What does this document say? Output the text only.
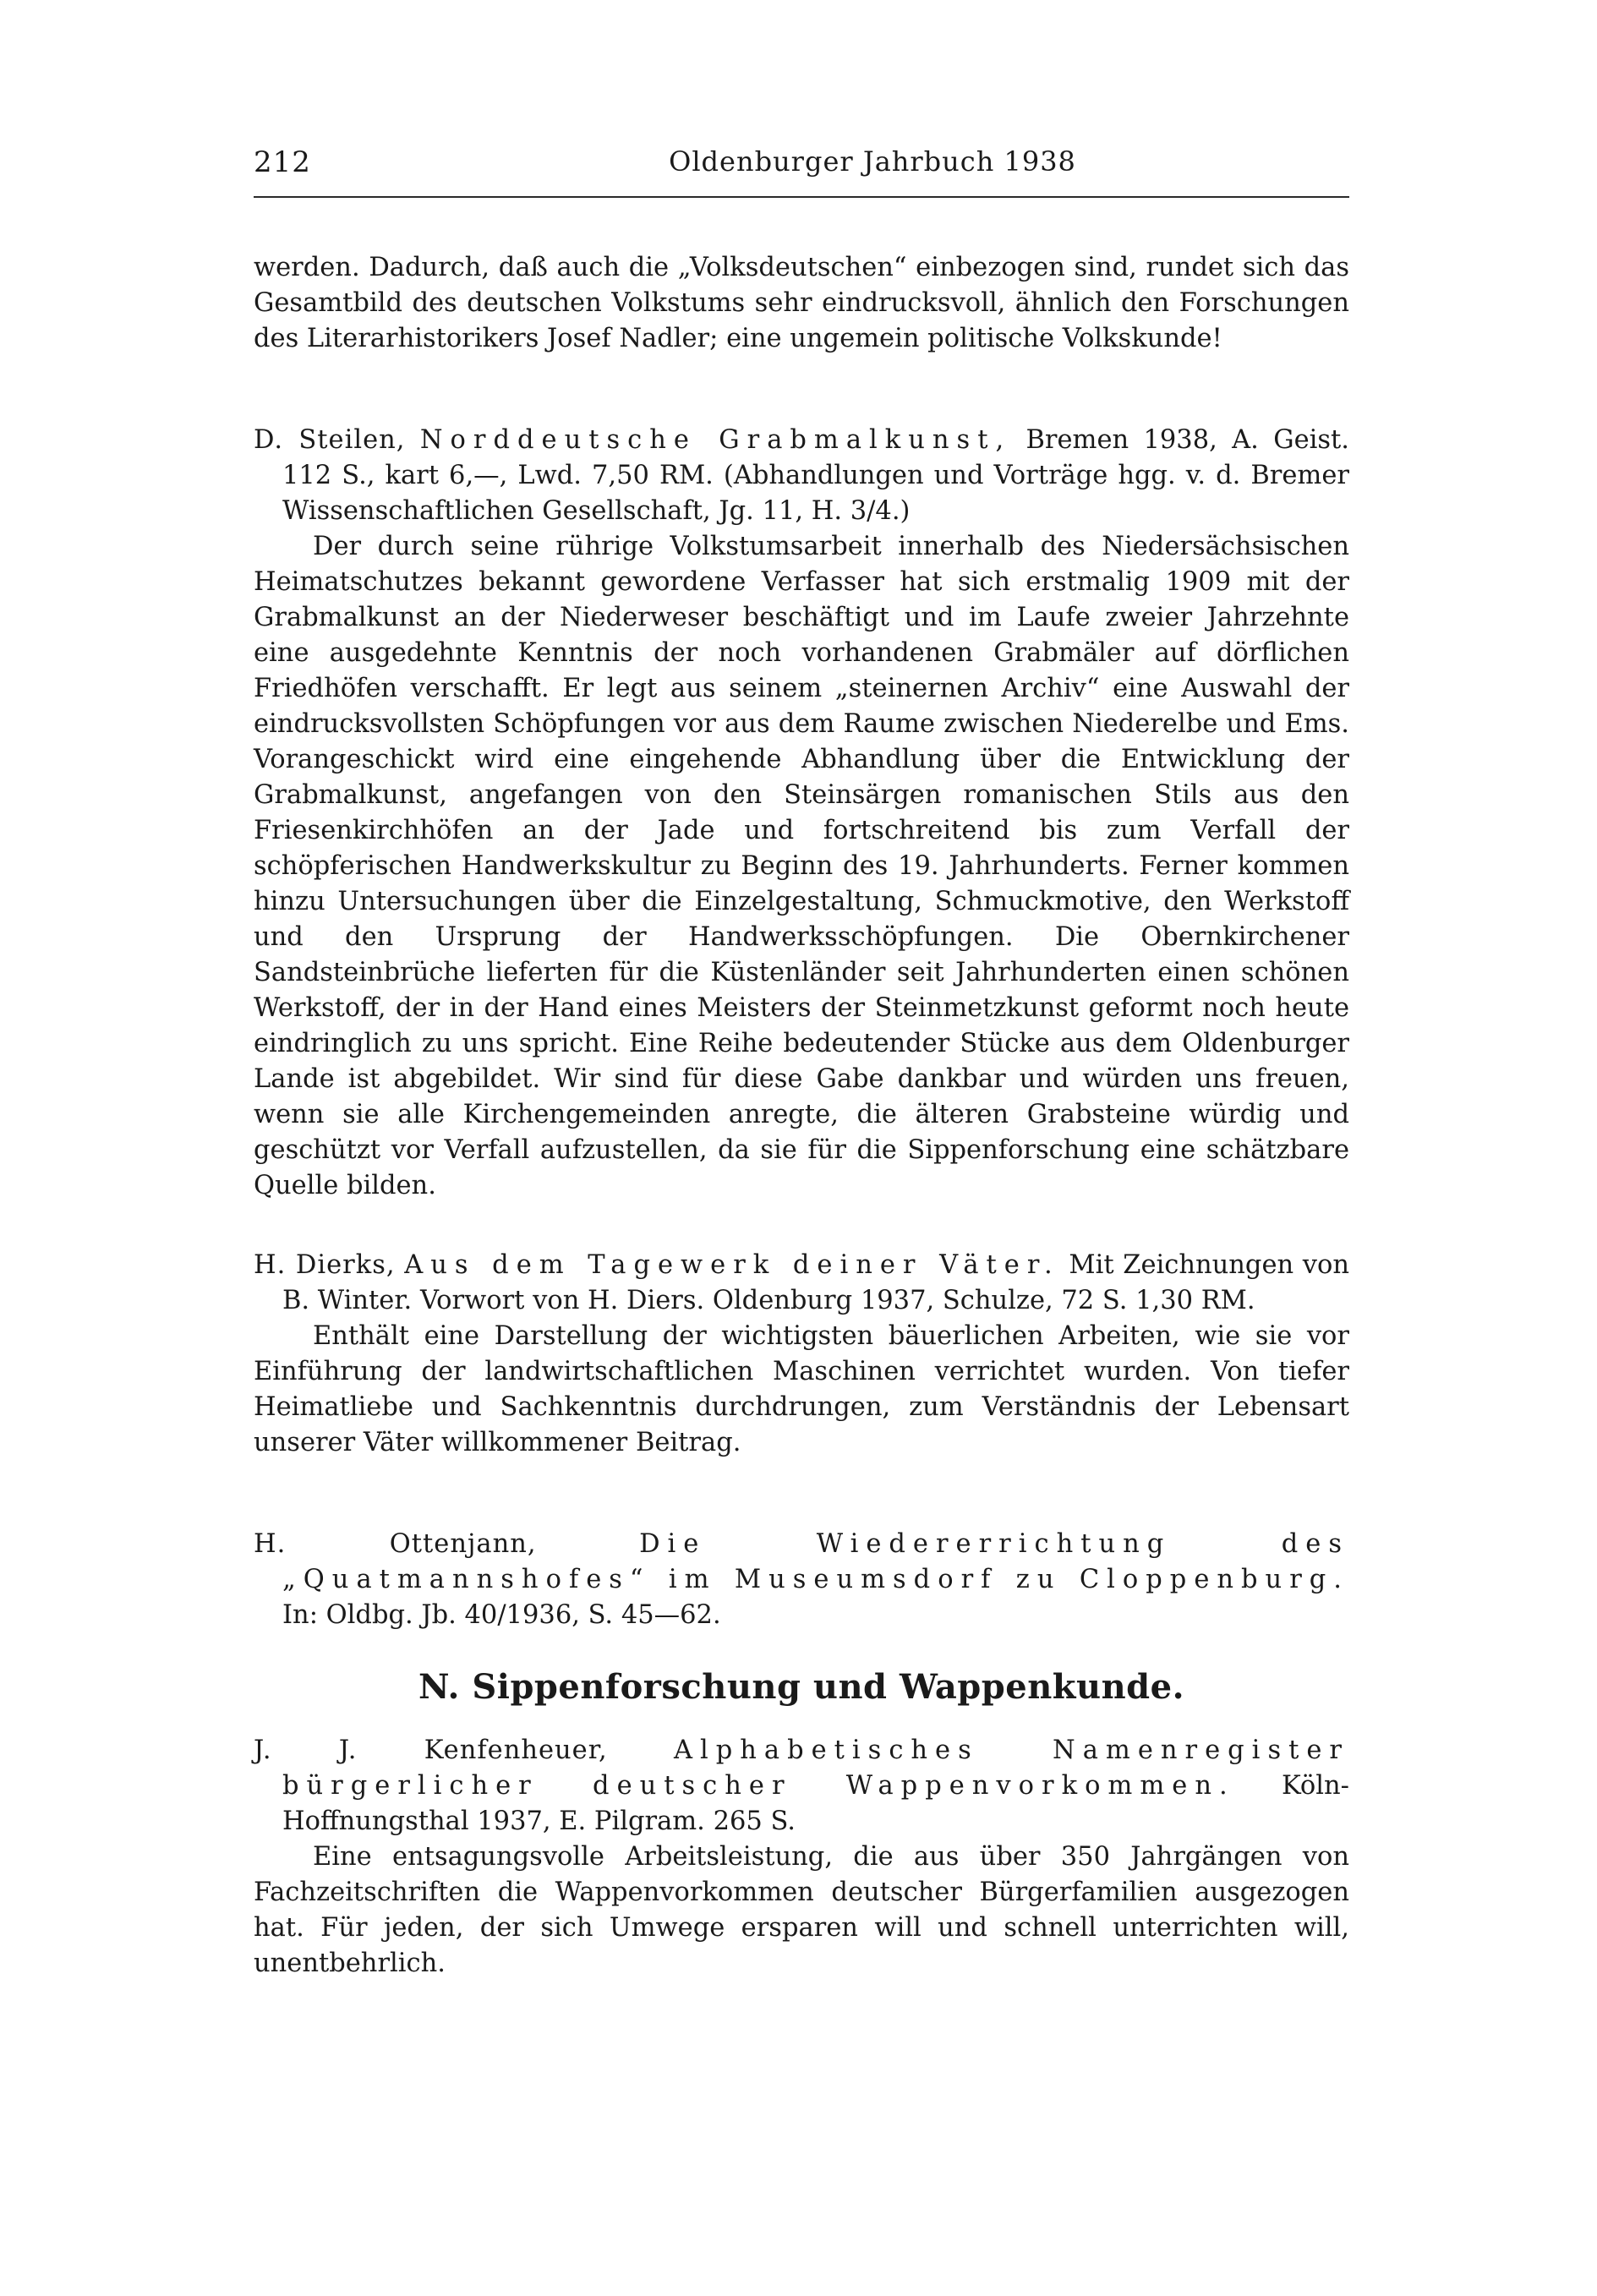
212	Oldenburger Jahrbuch 1938

werden. Dadurch, daß auch die „Volksdeutschen“ einbezogen sind, rundet sich das Gesamtbild des deutschen Volkstums sehr eindrucksvoll, ähnlich den Forschungen des Literarhistorikers Josef Nadler; eine ungemein politische Volkskunde!

D. Steilen, Norddeutsche Grabmalkunst, Bremen 1938, A. Geist. 112 S., kart 6,—, Lwd. 7,50 RM. (Abhandlungen und Vorträge hgg. v. d. Bremer Wissenschaftlichen Gesellschaft, Jg. 11, H. 3/4.)

Der durch seine rührige Volkstumsarbeit innerhalb des Niedersächsischen Heimatschutzes bekannt gewordene Verfasser hat sich erstmalig 1909 mit der Grabmalkunst an der Niederweser beschäftigt und im Laufe zweier Jahrzehnte eine ausgedehnte Kenntnis der noch vorhandenen Grabmäler auf dörflichen Friedhöfen verschafft. Er legt aus seinem „steinernen Archiv“ eine Auswahl der eindrucksvollsten Schöpfungen vor aus dem Raume zwischen Niederelbe und Ems. Vorangeschickt wird eine eingehende Abhandlung über die Entwicklung der Grabmalkunst, angefangen von den Steinsärgen romanischen Stils aus den Friesenkirchhöfen an der Jade und fortschreitend bis zum Verfall der schöpferischen Handwerkskultur zu Beginn des 19. Jahrhunderts. Ferner kommen hinzu Untersuchungen über die Einzelgestaltung, Schmuckmotive, den Werkstoff und den Ursprung der Handwerksschöpfungen. Die Obernkirchener Sandsteinbrüche lieferten für die Küstenländer seit Jahrhunderten einen schönen Werkstoff, der in der Hand eines Meisters der Steinmetzkunst geformt noch heute eindringlich zu uns spricht. Eine Reihe bedeutender Stücke aus dem Oldenburger Lande ist abgebildet. Wir sind für diese Gabe dankbar und würden uns freuen, wenn sie alle Kirchengemeinden anregte, die älteren Grabsteine würdig und geschützt vor Verfall aufzustellen, da sie für die Sippenforschung eine schätzbare Quelle bilden.

H. Dierks, Aus dem Tagewerk deiner Väter. Mit Zeichnungen von B. Winter. Vorwort von H. Diers. Oldenburg 1937, Schulze, 72 S. 1,30 RM.

Enthält eine Darstellung der wichtigsten bäuerlichen Arbeiten, wie sie vor Einführung der landwirtschaftlichen Maschinen verrichtet wurden. Von tiefer Heimatliebe und Sachkenntnis durchdrungen, zum Verständnis der Lebensart unserer Väter willkommener Beitrag.

H. Ottenjann,	Die Wiedererrichtung des „Quatmannshofes“ im Museumsdorf zu Cloppenburg. In: Oldbg. Jb. 40/1936, S. 45—62.

N. Sippenforschung und Wappenkunde.

J. J. Kenfenheuer,	Alphabetisches Namenregister bürgerlicher deutscher Wappenvorkommen. Köln-Hoffnungsthal 1937, E. Pilgram. 265 S.

Eine entsagungsvolle Arbeitsleistung, die aus über 350 Jahrgängen von Fachzeitschriften die Wappenvorkommen deutscher Bürgerfamilien ausgezogen hat. Für jeden, der sich Umwege ersparen will und schnell unterrichten will, unentbehrlich.
